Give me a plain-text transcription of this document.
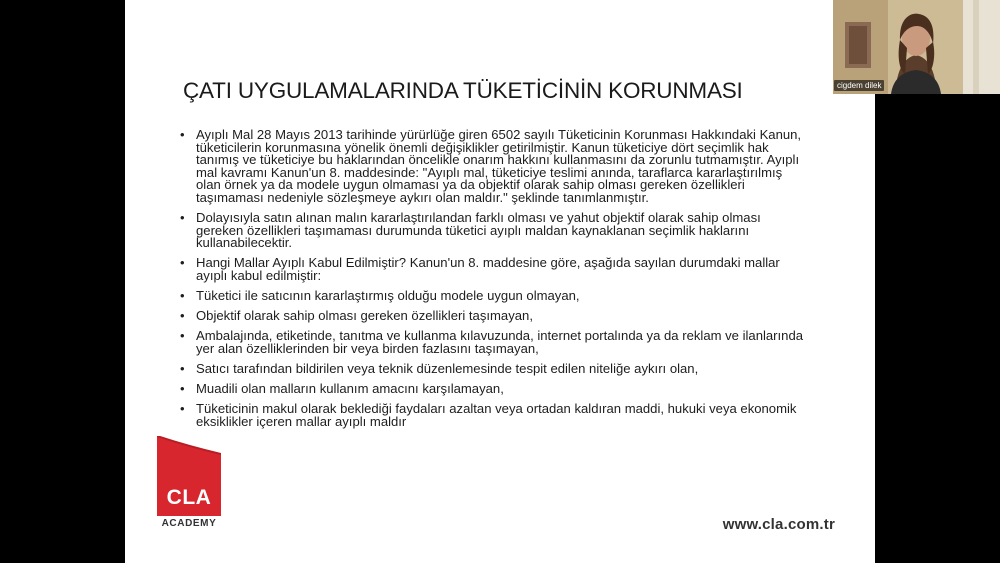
ÇATI UYGULAMALARINDA TÜKETİCİNİN KORUNMASI
• Ayıplı Mal 28 Mayıs 2013 tarihinde yürürlüğe giren 6502 sayılı Tüketicinin Korunması Hakkındaki Kanun, tüketicilerin korunmasına yönelik önemli değişiklikler getirilmiştir. Kanun tüketiciye dört seçimlik hak tanımış ve tüketiciye bu haklarından öncelikle onarım hakkını kullanmasını da zorunlu tutmamıştır. Ayıplı mal kavramı Kanun'un 8. maddesinde: "Ayıplı mal, tüketiciye teslimi anında, taraflarca kararlaştırılmış olan örnek ya da modele uygun olmaması ya da objektif olarak sahip olması gereken özellikleri taşımaması nedeniyle sözleşmeye aykırı olan maldır." şeklinde tanımlanmıştır.
• Dolayısıyla satın alınan malın kararlaştırılandan farklı olması ve yahut objektif olarak sahip olması gereken özellikleri taşımaması durumunda tüketici ayıplı maldan kaynaklanan seçimlik haklarını kullanabilecektir.
• Hangi Mallar Ayıplı Kabul Edilmiştir? Kanun'un 8. maddesine göre, aşağıda sayılan durumdaki mallar ayıplı kabul edilmiştir:
• Tüketici ile satıcının kararlaştırmış olduğu modele uygun olmayan,
• Objektif olarak sahip olması gereken özellikleri taşımayan,
• Ambalajında, etiketinde, tanıtma ve kullanma kılavuzunda, internet portalında ya da reklam ve ilanlarında yer alan özelliklerinden bir veya birden fazlasını taşımayan,
• Satıcı tarafından bildirilen veya teknik düzenlemesinde tespit edilen niteliğe aykırı olan,
• Muadili olan malların kullanım amacını karşılamayan,
• Tüketicinin makul olarak beklediği faydaları azaltan veya ortadan kaldıran maddi, hukuki veya ekonomik eksiklikler içeren mallar ayıplı maldır
CLA
ACADEMY	www.cla.com.tr
cigdem dilek
